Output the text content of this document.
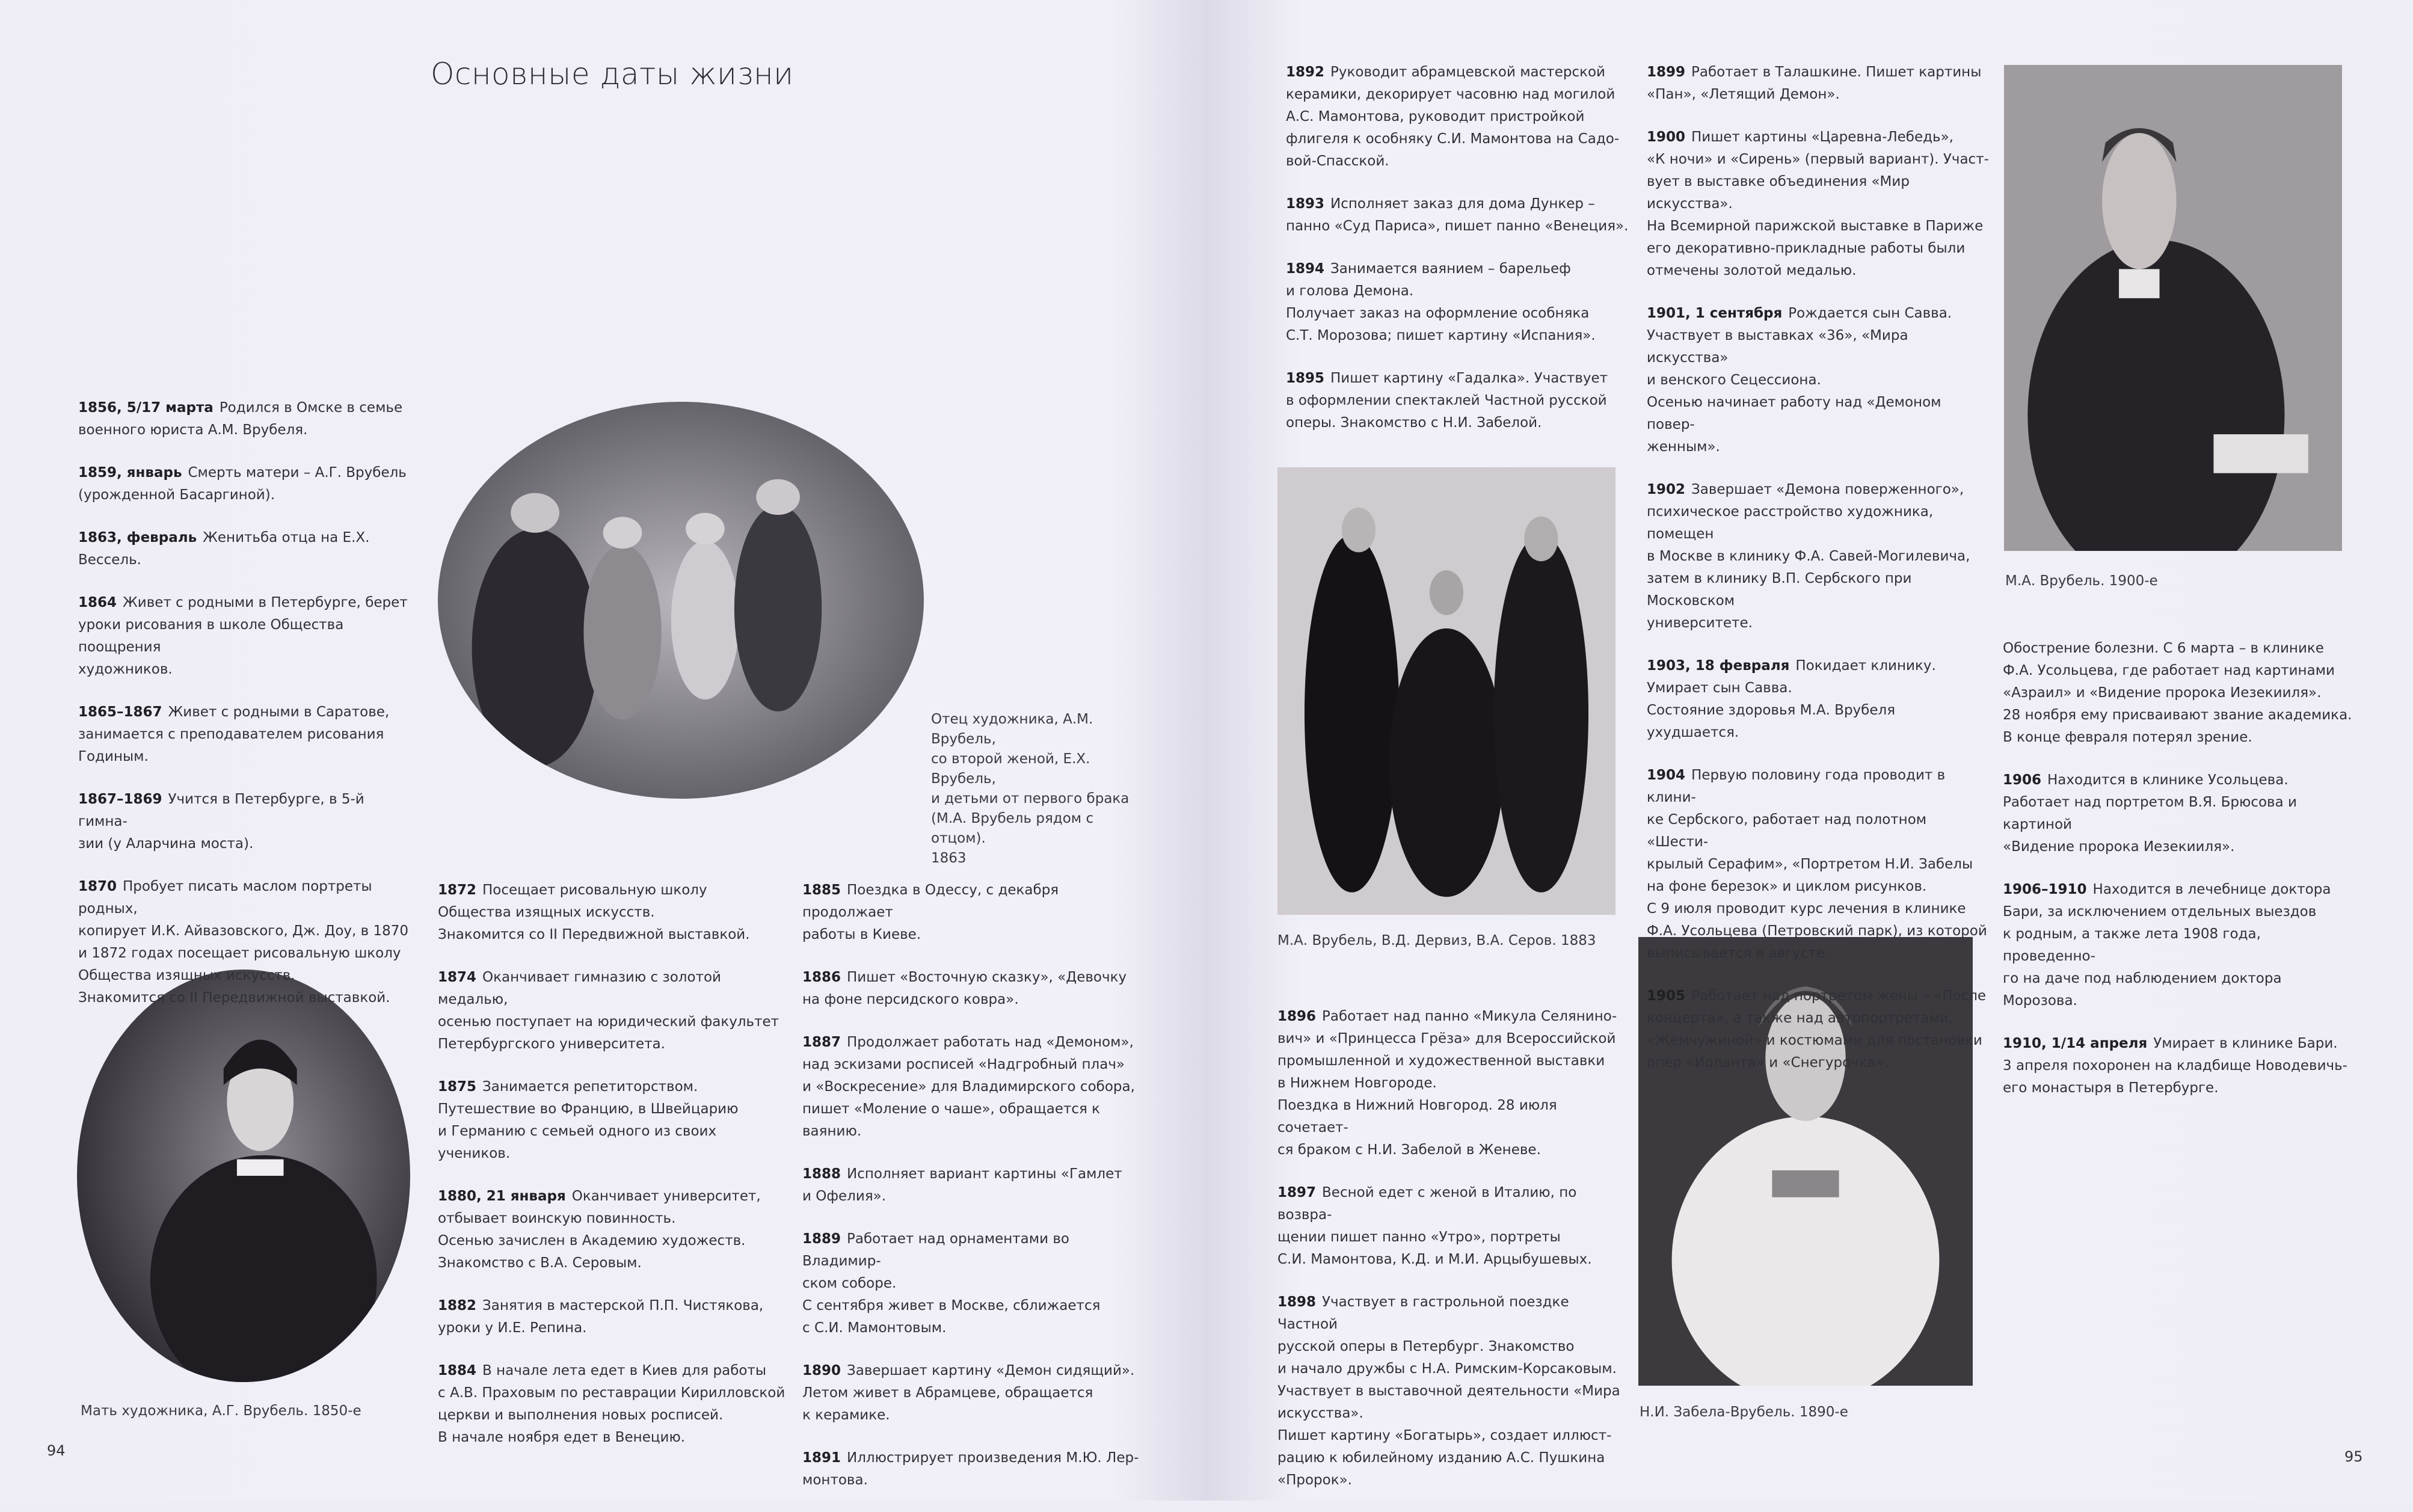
Основные даты жизни
1856, 5/17 марта Родился в Омске в семье
военного юриста А.М. Врубеля.
1859, январь Смерть матери – А.Г. Врубель
(урожденной Басаргиной).
1863, февраль Женитьба отца на Е.Х. Вессель.
1864 Живет с родными в Петербурге, берет
уроки рисования в школе Общества поощрения
художников.
1865–1867 Живет с родными в Саратове,
занимается с преподавателем рисования
Годиным.
1867–1869 Учится в Петербурге, в 5-й гимна-
зии (у Аларчина моста).
1870 Пробует писать маслом портреты родных,
копирует И.К. Айвазовского, Дж. Доу, в 1870
и 1872 годах посещает рисовальную школу
Общества изящных искусств.
Знакомится со II Передвижной выставкой.
1872 Посещает рисовальную школу
Общества изящных искусств.
Знакомится со II Передвижной выставкой.
1874 Оканчивает гимназию с золотой медалью,
осенью поступает на юридический факультет
Петербургского университета.
1875 Занимается репетиторством.
Путешествие во Францию, в Швейцарию
и Германию с семьей одного из своих
учеников.
1880, 21 января Оканчивает университет,
отбывает воинскую повинность.
Осенью зачислен в Академию художеств.
Знакомство с В.А. Серовым.
1882 Занятия в мастерской П.П. Чистякова,
уроки у И.Е. Репина.
1884 В начале лета едет в Киев для работы
с А.В. Праховым по реставрации Кирилловской
церкви и выполнения новых росписей.
В начале ноября едет в Венецию.
1885 Поездка в Одессу, с декабря продолжает
работы в Киеве.
1886 Пишет «Восточную сказку», «Девочку
на фоне персидского ковра».
1887 Продолжает работать над «Демоном»,
над эскизами росписей «Надгробный плач»
и «Воскресение» для Владимирского собора,
пишет «Моление о чаше», обращается к ваянию.
1888 Исполняет вариант картины «Гамлет
и Офелия».
1889 Работает над орнаментами во Владимир-
ском соборе.
С сентября живет в Москве, сближается
с С.И. Мамонтовым.
1890 Завершает картину «Демон сидящий».
Летом живет в Абрамцеве, обращается
к керамике.
1891 Иллюстрирует произведения М.Ю. Лер-
монтова.
1892 Руководит абрамцевской мастерской
керамики, декорирует часовню над могилой
А.С. Мамонтова, руководит пристройкой
флигеля к особняку С.И. Мамонтова на Садо-
вой-Спасской.
1893 Исполняет заказ для дома Дункер –
панно «Суд Париса», пишет панно «Венеция».
1894 Занимается ваянием – барельеф
и голова Демона.
Получает заказ на оформление особняка
С.Т. Морозова; пишет картину «Испания».
1895 Пишет картину «Гадалка». Участвует
в оформлении спектаклей Частной русской
оперы. Знакомство с Н.И. Забелой.
1896 Работает над панно «Микула Селянино-
вич» и «Принцесса Грёза» для Всероссийской
промышленной и художественной выставки
в Нижнем Новгороде.
Поездка в Нижний Новгород. 28 июля сочетает-
ся браком с Н.И. Забелой в Женеве.
1897 Весной едет с женой в Италию, по возвра-
щении пишет панно «Утро», портреты
С.И. Мамонтова, К.Д. и М.И. Арцыбушевых.
1898 Участвует в гастрольной поездке Частной
русской оперы в Петербург. Знакомство
и начало дружбы с Н.А. Римским-Корсаковым.
Участвует в выставочной деятельности «Мира
искусства».
Пишет картину «Богатырь», создает иллюст-
рацию к юбилейному изданию А.С. Пушкина
«Пророк».
1899 Работает в Талашкине. Пишет картины
«Пан», «Летящий Демон».
1900 Пишет картины «Царевна-Лебедь»,
«К ночи» и «Сирень» (первый вариант). Участ-
вует в выставке объединения «Мир искусства».
На Всемирной парижской выставке в Париже
его декоративно-прикладные работы были
отмечены золотой медалью.
1901, 1 сентября Рождается сын Савва.
Участвует в выставках «36», «Мира искусства»
и венского Сецессиона.
Осенью начинает работу над «Демоном повер-
женным».
1902 Завершает «Демона поверженного»,
психическое расстройство художника, помещен
в Москве в клинику Ф.А. Савей-Могилевича,
затем в клинику В.П. Сербского при Московском
университете.
1903, 18 февраля Покидает клинику.
Умирает сын Савва.
Состояние здоровья М.А. Врубеля ухудшается.
1904 Первую половину года проводит в клини-
ке Сербского, работает над полотном «Шести-
крылый Серафим», «Портретом Н.И. Забелы
на фоне березок» и циклом рисунков.
С 9 июля проводит курс лечения в клинике
Ф.А. Усольцева (Петровский парк), из которой
выписывается в августе.
1905 Работает над портретом жены – «После
концерта», а также над автопортретами,
«Жемчужиной» и костюмами для постановки
опер «Иоланта» и «Снегурочка».
Обострение болезни. С 6 марта – в клинике
Ф.А. Усольцева, где работает над картинами
«Азраил» и «Видение пророка Иезекииля».
28 ноября ему присваивают звание академика.
В конце февраля потерял зрение.
1906 Находится в клинике Усольцева.
Работает над портретом В.Я. Брюсова и картиной
«Видение пророка Иезекииля».
1906–1910 Находится в лечебнице доктора
Бари, за исключением отдельных выездов
к родным, а также лета 1908 года, проведенно-
го на даче под наблюдением доктора Морозова.
1910, 1/14 апреля Умирает в клинике Бари.
3 апреля похоронен на кладбище Новодевичь-
его монастыря в Петербурге.
Отец художника, А.М. Врубель,
со второй женой, Е.Х. Врубель,
и детьми от первого брака
(М.А. Врубель рядом с отцом).
1863
Мать художника, А.Г. Врубель. 1850-е
М.А. Врубель, В.Д. Дервиз, В.А. Серов. 1883
Н.И. Забела-Врубель. 1890-е
М.А. Врубель. 1900-е
94	95
